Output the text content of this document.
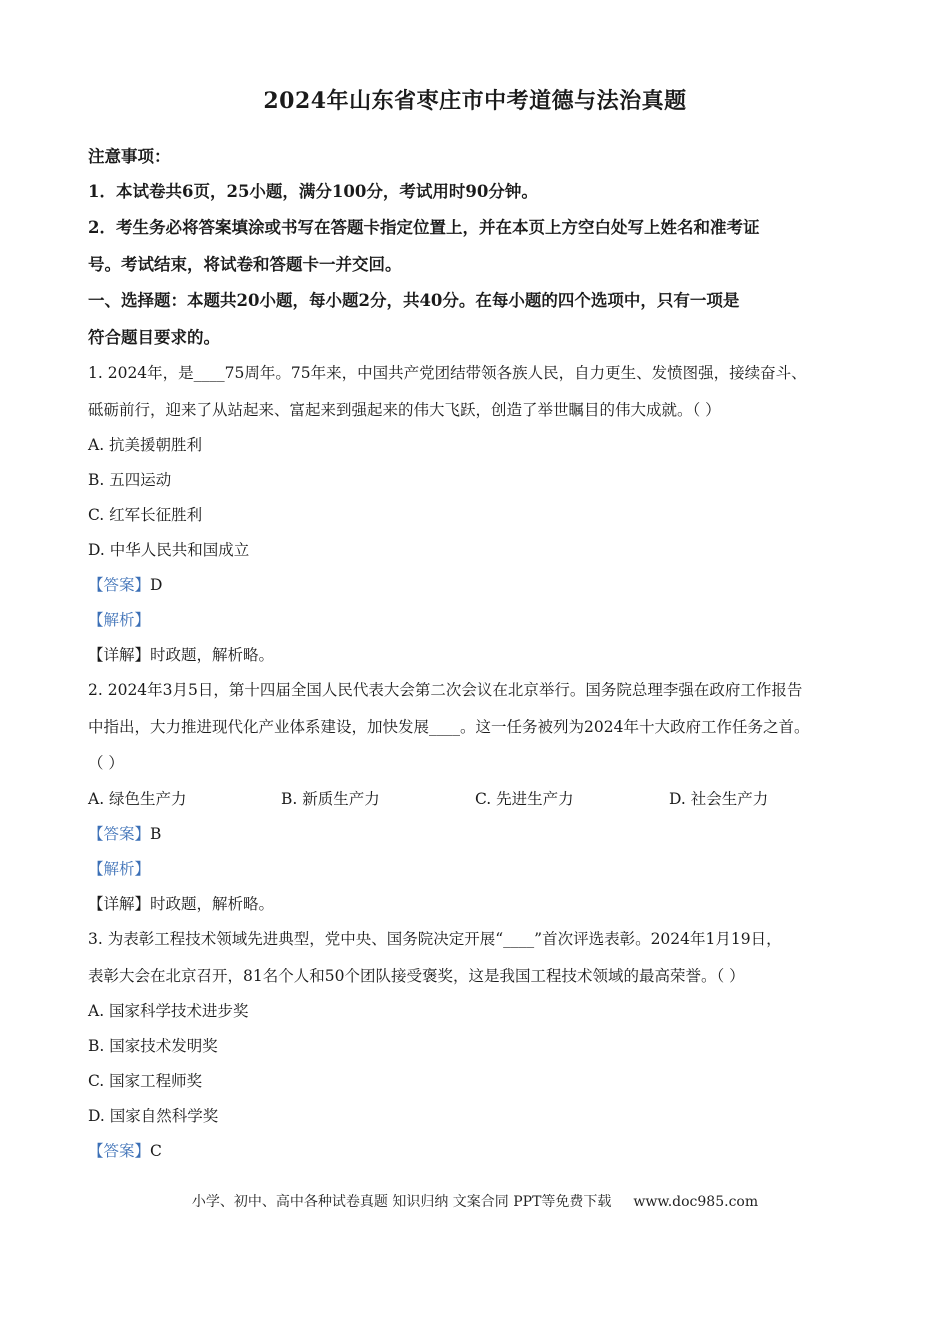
2024年山东省枣庄市中考道德与法治真题
注意事项：
1．本试卷共6页，25小题，满分100分，考试用时90分钟。
2．考生务必将答案填涂或书写在答题卡指定位置上，并在本页上方空白处写上姓名和准考证
号。考试结束，将试卷和答题卡一并交回。
一、选择题：本题共20小题，每小题2分，共40分。在每小题的四个选项中，只有一项是
符合题目要求的。
1. 2024年，是____75周年。75年来，中国共产党团结带领各族人民，自力更生、发愤图强，接续奋斗、
砥砺前行，迎来了从站起来、富起来到强起来的伟大飞跃，创造了举世瞩目的伟大成就。（ ）
A. 抗美援朝胜利
B. 五四运动
C. 红军长征胜利
D. 中华人民共和国成立
【答案】D
【解析】
【详解】时政题，解析略。
2. 2024年3月5日，第十四届全国人民代表大会第二次会议在北京举行。国务院总理李强在政府工作报告
中指出，大力推进现代化产业体系建设，加快发展____。这一任务被列为2024年十大政府工作任务之首。
（ ）
A. 绿色生产力	B. 新质生产力	C. 先进生产力	D. 社会生产力
【答案】B
【解析】
【详解】时政题，解析略。
3. 为表彰工程技术领域先进典型，党中央、国务院决定开展“____”首次评选表彰。2024年1月19日，
表彰大会在北京召开，81名个人和50个团队接受褒奖，这是我国工程技术领域的最高荣誉。（ ）
A. 国家科学技术进步奖
B. 国家技术发明奖
C. 国家工程师奖
D. 国家自然科学奖
【答案】C
小学、初中、高中各种试卷真题 知识归纳 文案合同 PPT等免费下载 www.doc985.com
